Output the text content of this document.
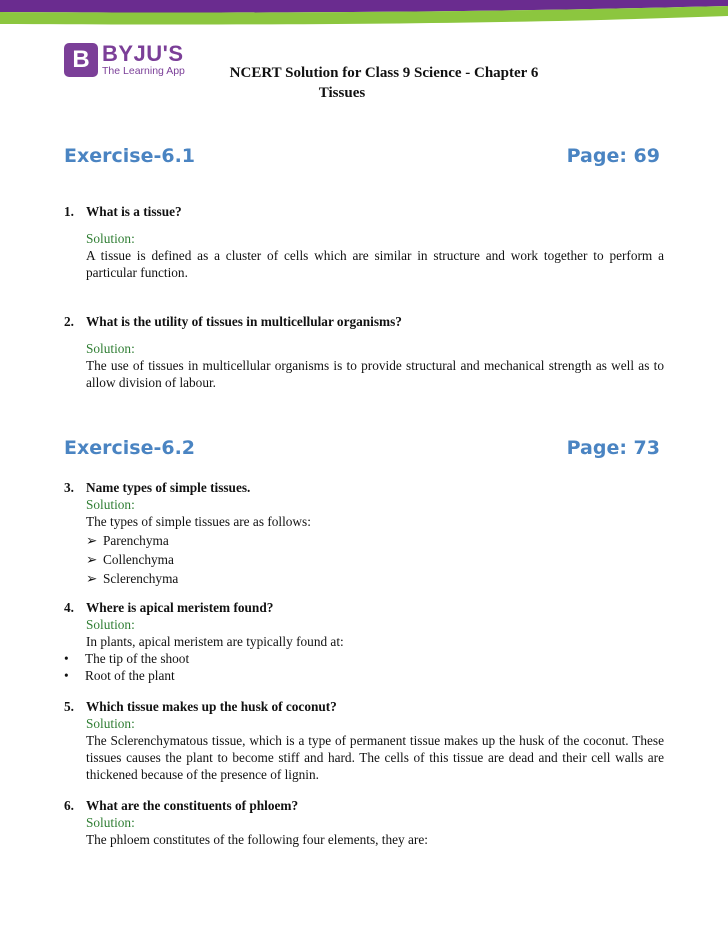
B BYJU'S
The Learning App	NCERT Solution for Class 9 Science - Chapter 6
Tissues
Exercise-6.1	Page: 69
1. What is a tissue?
Solution:
A tissue is defined as a cluster of cells which are similar in structure and work together to perform a particular function.
2. What is the utility of tissues in multicellular organisms?
Solution:
The use of tissues in multicellular organisms is to provide structural and mechanical strength as well as to allow division of labour.
Exercise-6.2	Page: 73
3. Name types of simple tissues.
Solution:
The types of simple tissues are as follows:
➢ Parenchyma
➢ Collenchyma
➢ Sclerenchyma
4. Where is apical meristem found?
Solution:
In plants, apical meristem are typically found at:
•	The tip of the shoot
•	Root of the plant
5. Which tissue makes up the husk of coconut?
Solution:
The Sclerenchymatous tissue, which is a type of permanent tissue makes up the husk of the coconut. These tissues causes the plant to become stiff and hard. The cells of this tissue are dead and their cell walls are thickened because of the presence of lignin.
6. What are the constituents of phloem?
Solution:
The phloem constitutes of the following four elements, they are:
